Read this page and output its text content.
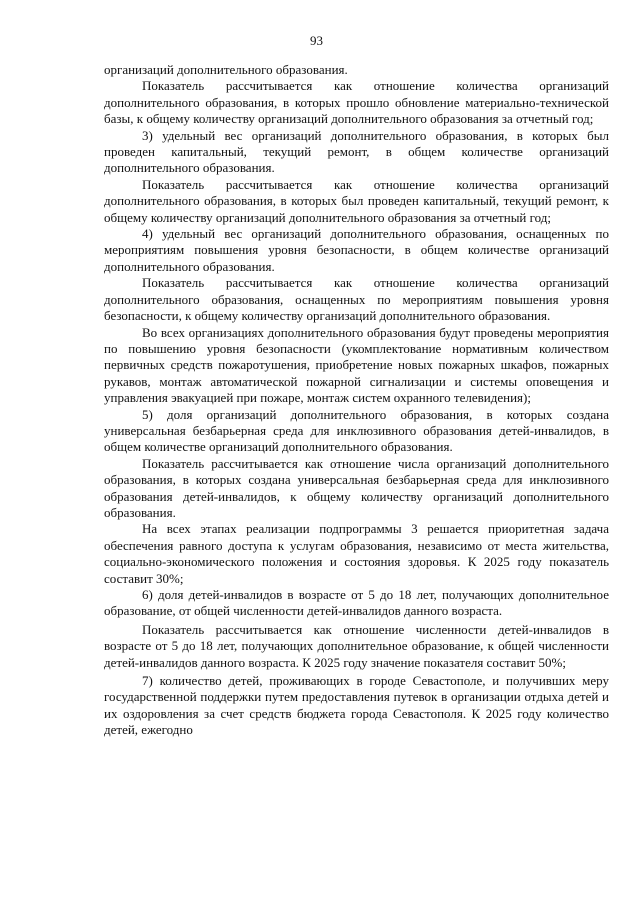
93

организаций дополнительного образования.

Показатель рассчитывается как отношение количества организаций дополнительного образования, в которых прошло обновление материально-технической базы, к общему количеству организаций дополнительного образования за отчетный год;

3) удельный вес организаций дополнительного образования, в которых был проведен капитальный, текущий ремонт, в общем количестве организаций дополнительного образования.

Показатель рассчитывается как отношение количества организаций дополнительного образования, в которых был проведен капитальный, текущий ремонт, к общему количеству организаций дополнительного образования за отчетный год;

4) удельный вес организаций дополнительного образования, оснащенных по мероприятиям повышения уровня безопасности, в общем количестве организаций дополнительного образования.

Показатель рассчитывается как отношение количества организаций дополнительного образования, оснащенных по мероприятиям повышения уровня безопасности, к общему количеству организаций дополнительного образования.

Во всех организациях дополнительного образования будут проведены мероприятия по повышению уровня безопасности (укомплектование нормативным количеством первичных средств пожаротушения, приобретение новых пожарных шкафов, пожарных рукавов, монтаж автоматической пожарной сигнализации и системы оповещения и управления эвакуацией при пожаре, монтаж систем охранного телевидения);

5) доля организаций дополнительного образования, в которых создана универсальная безбарьерная среда для инклюзивного образования детей-инвалидов, в общем количестве организаций дополнительного образования.

Показатель рассчитывается как отношение числа организаций дополнительного образования, в которых создана универсальная безбарьерная среда для инклюзивного образования детей-инвалидов, к общему количеству организаций дополнительного образования.

На всех этапах реализации подпрограммы 3 решается приоритетная задача обеспечения равного доступа к услугам образования, независимо от места жительства, социально-экономического положения и состояния здоровья. К 2025 году показатель составит 30%;

6) доля детей-инвалидов в возрасте от 5 до 18 лет, получающих дополнительное образование, от общей численности детей-инвалидов данного возраста.

Показатель рассчитывается как отношение численности детей-инвалидов в возрасте от 5 до 18 лет, получающих дополнительное образование, к общей численности детей-инвалидов данного возраста. К 2025 году значение показателя составит 50%;

7) количество детей, проживающих в городе Севастополе, и получивших меру государственной поддержки путем предоставления путевок в организации отдыха детей и их оздоровления за счет средств бюджета города Севастополя. К 2025 году количество детей, ежегодно
